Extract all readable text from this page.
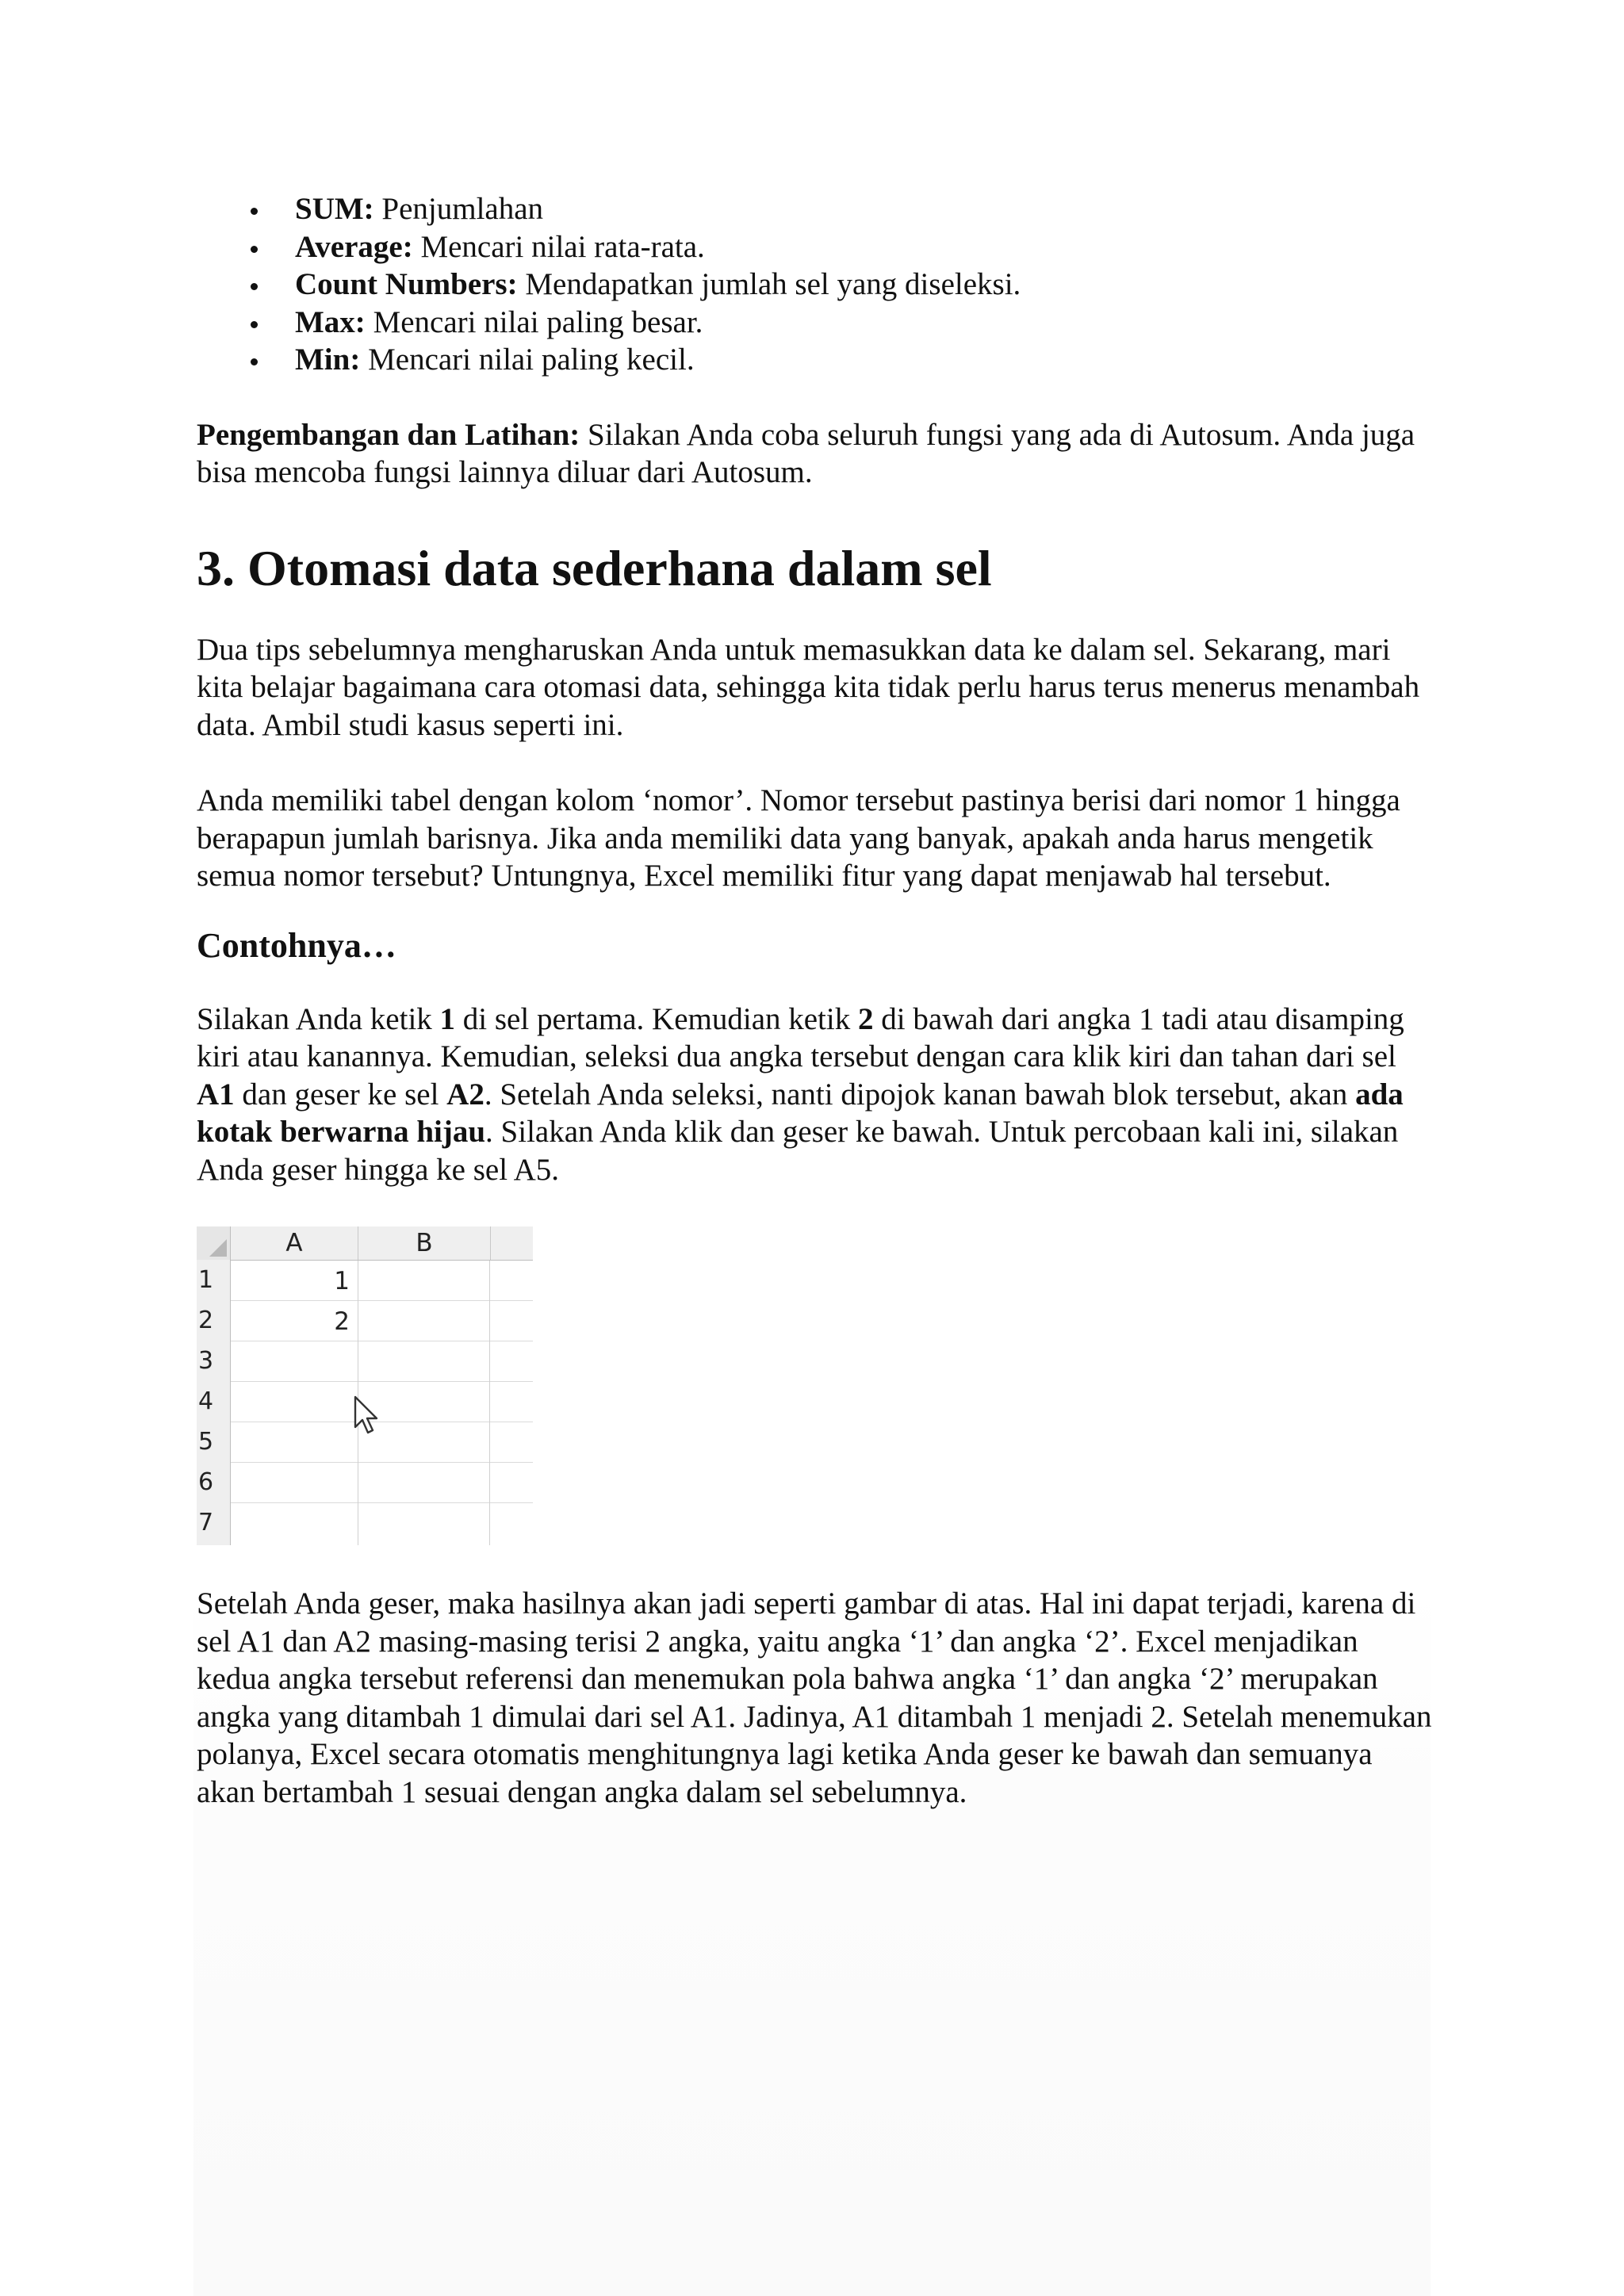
SUM: Penjumlahan
Average: Mencari nilai rata-rata.
Count Numbers: Mendapatkan jumlah sel yang diseleksi.
Max: Mencari nilai paling besar.
Min: Mencari nilai paling kecil.

Pengembangan dan Latihan: Silakan Anda coba seluruh fungsi yang ada di Autosum. Anda juga bisa mencoba fungsi lainnya diluar dari Autosum.

3. Otomasi data sederhana dalam sel

Dua tips sebelumnya mengharuskan Anda untuk memasukkan data ke dalam sel. Sekarang, mari kita belajar bagaimana cara otomasi data, sehingga kita tidak perlu harus terus menerus menambah data. Ambil studi kasus seperti ini.

Anda memiliki tabel dengan kolom ‘nomor’. Nomor tersebut pastinya berisi dari nomor 1 hingga berapapun jumlah barisnya. Jika anda memiliki data yang banyak, apakah anda harus mengetik semua nomor tersebut? Untungnya, Excel memiliki fitur yang dapat menjawab hal tersebut.

Contohnya…

Silakan Anda ketik 1 di sel pertama. Kemudian ketik 2 di bawah dari angka 1 tadi atau disamping kiri atau kanannya. Kemudian, seleksi dua angka tersebut dengan cara klik kiri dan tahan dari sel A1 dan geser ke sel A2. Setelah Anda seleksi, nanti dipojok kanan bawah blok tersebut, akan ada kotak berwarna hijau. Silakan Anda klik dan geser ke bawah. Untuk percobaan kali ini, silakan Anda geser hingga ke sel A5.

A	B
1
2
3
4
5
6
7
1
2

Setelah Anda geser, maka hasilnya akan jadi seperti gambar di atas. Hal ini dapat terjadi, karena di sel A1 dan A2 masing-masing terisi 2 angka, yaitu angka ‘1’ dan angka ‘2’. Excel menjadikan kedua angka tersebut referensi dan menemukan pola bahwa angka ‘1’ dan angka ‘2’ merupakan angka yang ditambah 1 dimulai dari sel A1. Jadinya, A1 ditambah 1 menjadi 2. Setelah menemukan polanya, Excel secara otomatis menghitungnya lagi ketika Anda geser ke bawah dan semuanya akan bertambah 1 sesuai dengan angka dalam sel sebelumnya.
